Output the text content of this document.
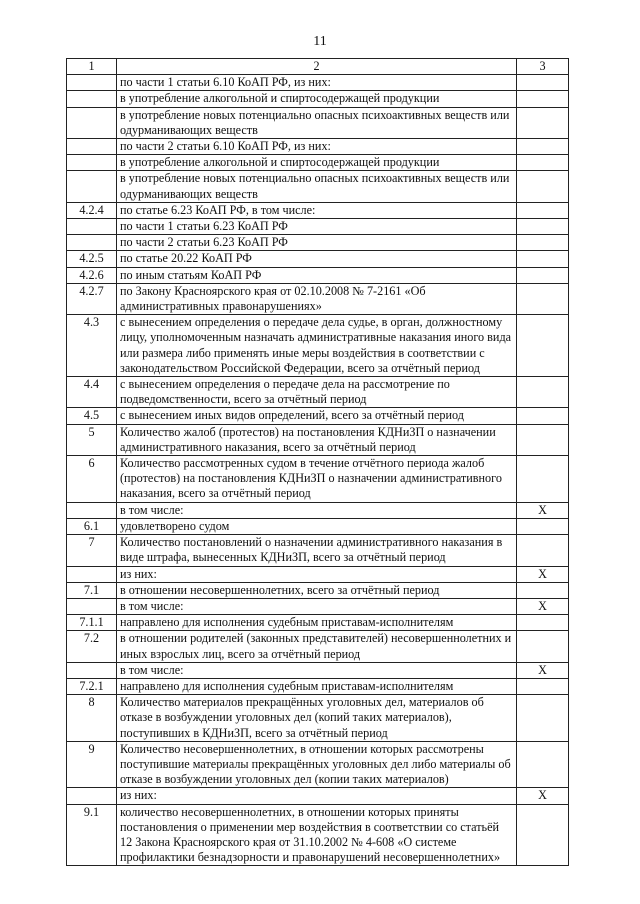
11
1	2	3
	по части 1 статьи 6.10 КоАП РФ, из них:	
	в употребление алкогольной и спиртосодержащей продукции	
	в употребление новых потенциально опасных психоактивных веществ или одурманивающих веществ	
	по части 2 статьи 6.10 КоАП РФ, из них:	
	в употребление алкогольной и спиртосодержащей продукции	
	в употребление новых потенциально опасных психоактивных веществ или одурманивающих веществ	
4.2.4	по статье 6.23 КоАП РФ, в том числе:	
	по части 1 статьи 6.23 КоАП РФ	
	по части 2 статьи 6.23 КоАП РФ	
4.2.5	по статье 20.22 КоАП РФ	
4.2.6	по иным статьям КоАП РФ	
4.2.7	по Закону Красноярского края от 02.10.2008 № 7-2161 «Об административных правонарушениях»	
4.3	с вынесением определения о передаче дела судье, в орган, должностному лицу, уполномоченным назначать административные наказания иного вида или размера либо применять иные меры воздействия в соответствии с законодательством Российской Федерации, всего за отчётный период	
4.4	с вынесением определения о передаче дела на рассмотрение по подведомственности, всего за отчётный период	
4.5	с вынесением иных видов определений, всего за отчётный период	
5	Количество жалоб (протестов) на постановления КДНиЗП о назначении административного наказания, всего за отчётный период	
6	Количество рассмотренных судом в течение отчётного периода жалоб (протестов) на постановления КДНиЗП о назначении административного наказания, всего за отчётный период	
	в том числе:	X
6.1	удовлетворено судом	
7	Количество постановлений о назначении административного наказания в виде штрафа, вынесенных КДНиЗП, всего за отчётный период	
	из них:	X
7.1	в отношении несовершеннолетних, всего за отчётный период	
	в том числе:	X
7.1.1	направлено для исполнения судебным приставам-исполнителям	
7.2	в отношении родителей (законных представителей) несовершеннолетних и иных взрослых лиц, всего за отчётный период	
	в том числе:	X
7.2.1	направлено для исполнения судебным приставам-исполнителям	
8	Количество материалов прекращённых уголовных дел, материалов об отказе в возбуждении уголовных дел (копий таких материалов), поступивших в КДНиЗП, всего за отчётный период	
9	Количество несовершеннолетних, в отношении которых рассмотрены поступившие материалы прекращённых уголовных дел либо материалы об отказе в возбуждении уголовных дел (копии таких материалов)	
	из них:	X
9.1	количество несовершеннолетних, в отношении которых приняты постановления о применении мер воздействия в соответствии со статьёй 12 Закона Красноярского края от 31.10.2002 № 4-608 «О системе профилактики безнадзорности и правонарушений несовершеннолетних»	
